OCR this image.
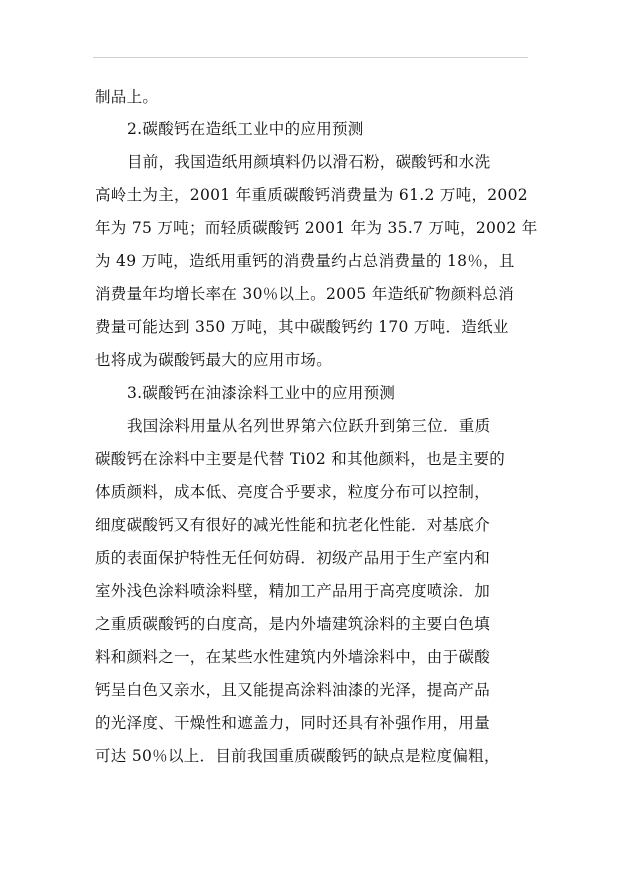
制品上。
2.碳酸钙在造纸工业中的应用预测
目前，我国造纸用颜填料仍以滑石粉，碳酸钙和水洗
高岭土为主，2001 年重质碳酸钙消费量为 61.2 万吨，2002
年为 75 万吨；而轻质碳酸钙 2001 年为 35.7 万吨，2002 年
为 49 万吨，造纸用重钙的消费量约占总消费量的 18％，且
消费量年均增长率在 30％以上。2005 年造纸矿物颜料总消
费量可能达到 350 万吨，其中碳酸钙约 170 万吨．造纸业
也将成为碳酸钙最大的应用市场。
3.碳酸钙在油漆涂料工业中的应用预测
我国涂料用量从名列世界第六位跃升到第三位．重质
碳酸钙在涂料中主要是代替 Ti02 和其他颜料，也是主要的
体质颜料，成本低、亮度合乎要求，粒度分布可以控制，
细度碳酸钙又有很好的减光性能和抗老化性能．对基底介
质的表面保护特性无任何妨碍．初级产品用于生产室内和
室外浅色涂料喷涂料壁，精加工产品用于高亮度喷涂．加
之重质碳酸钙的白度高，是内外墙建筑涂料的主要白色填
料和颜料之一，在某些水性建筑内外墙涂料中，由于碳酸
钙呈白色又亲水，且又能提高涂料油漆的光泽，提高产品
的光泽度、干燥性和遮盖力，同时还具有补强作用，用量
可达 50％以上．目前我国重质碳酸钙的缺点是粒度偏粗，
